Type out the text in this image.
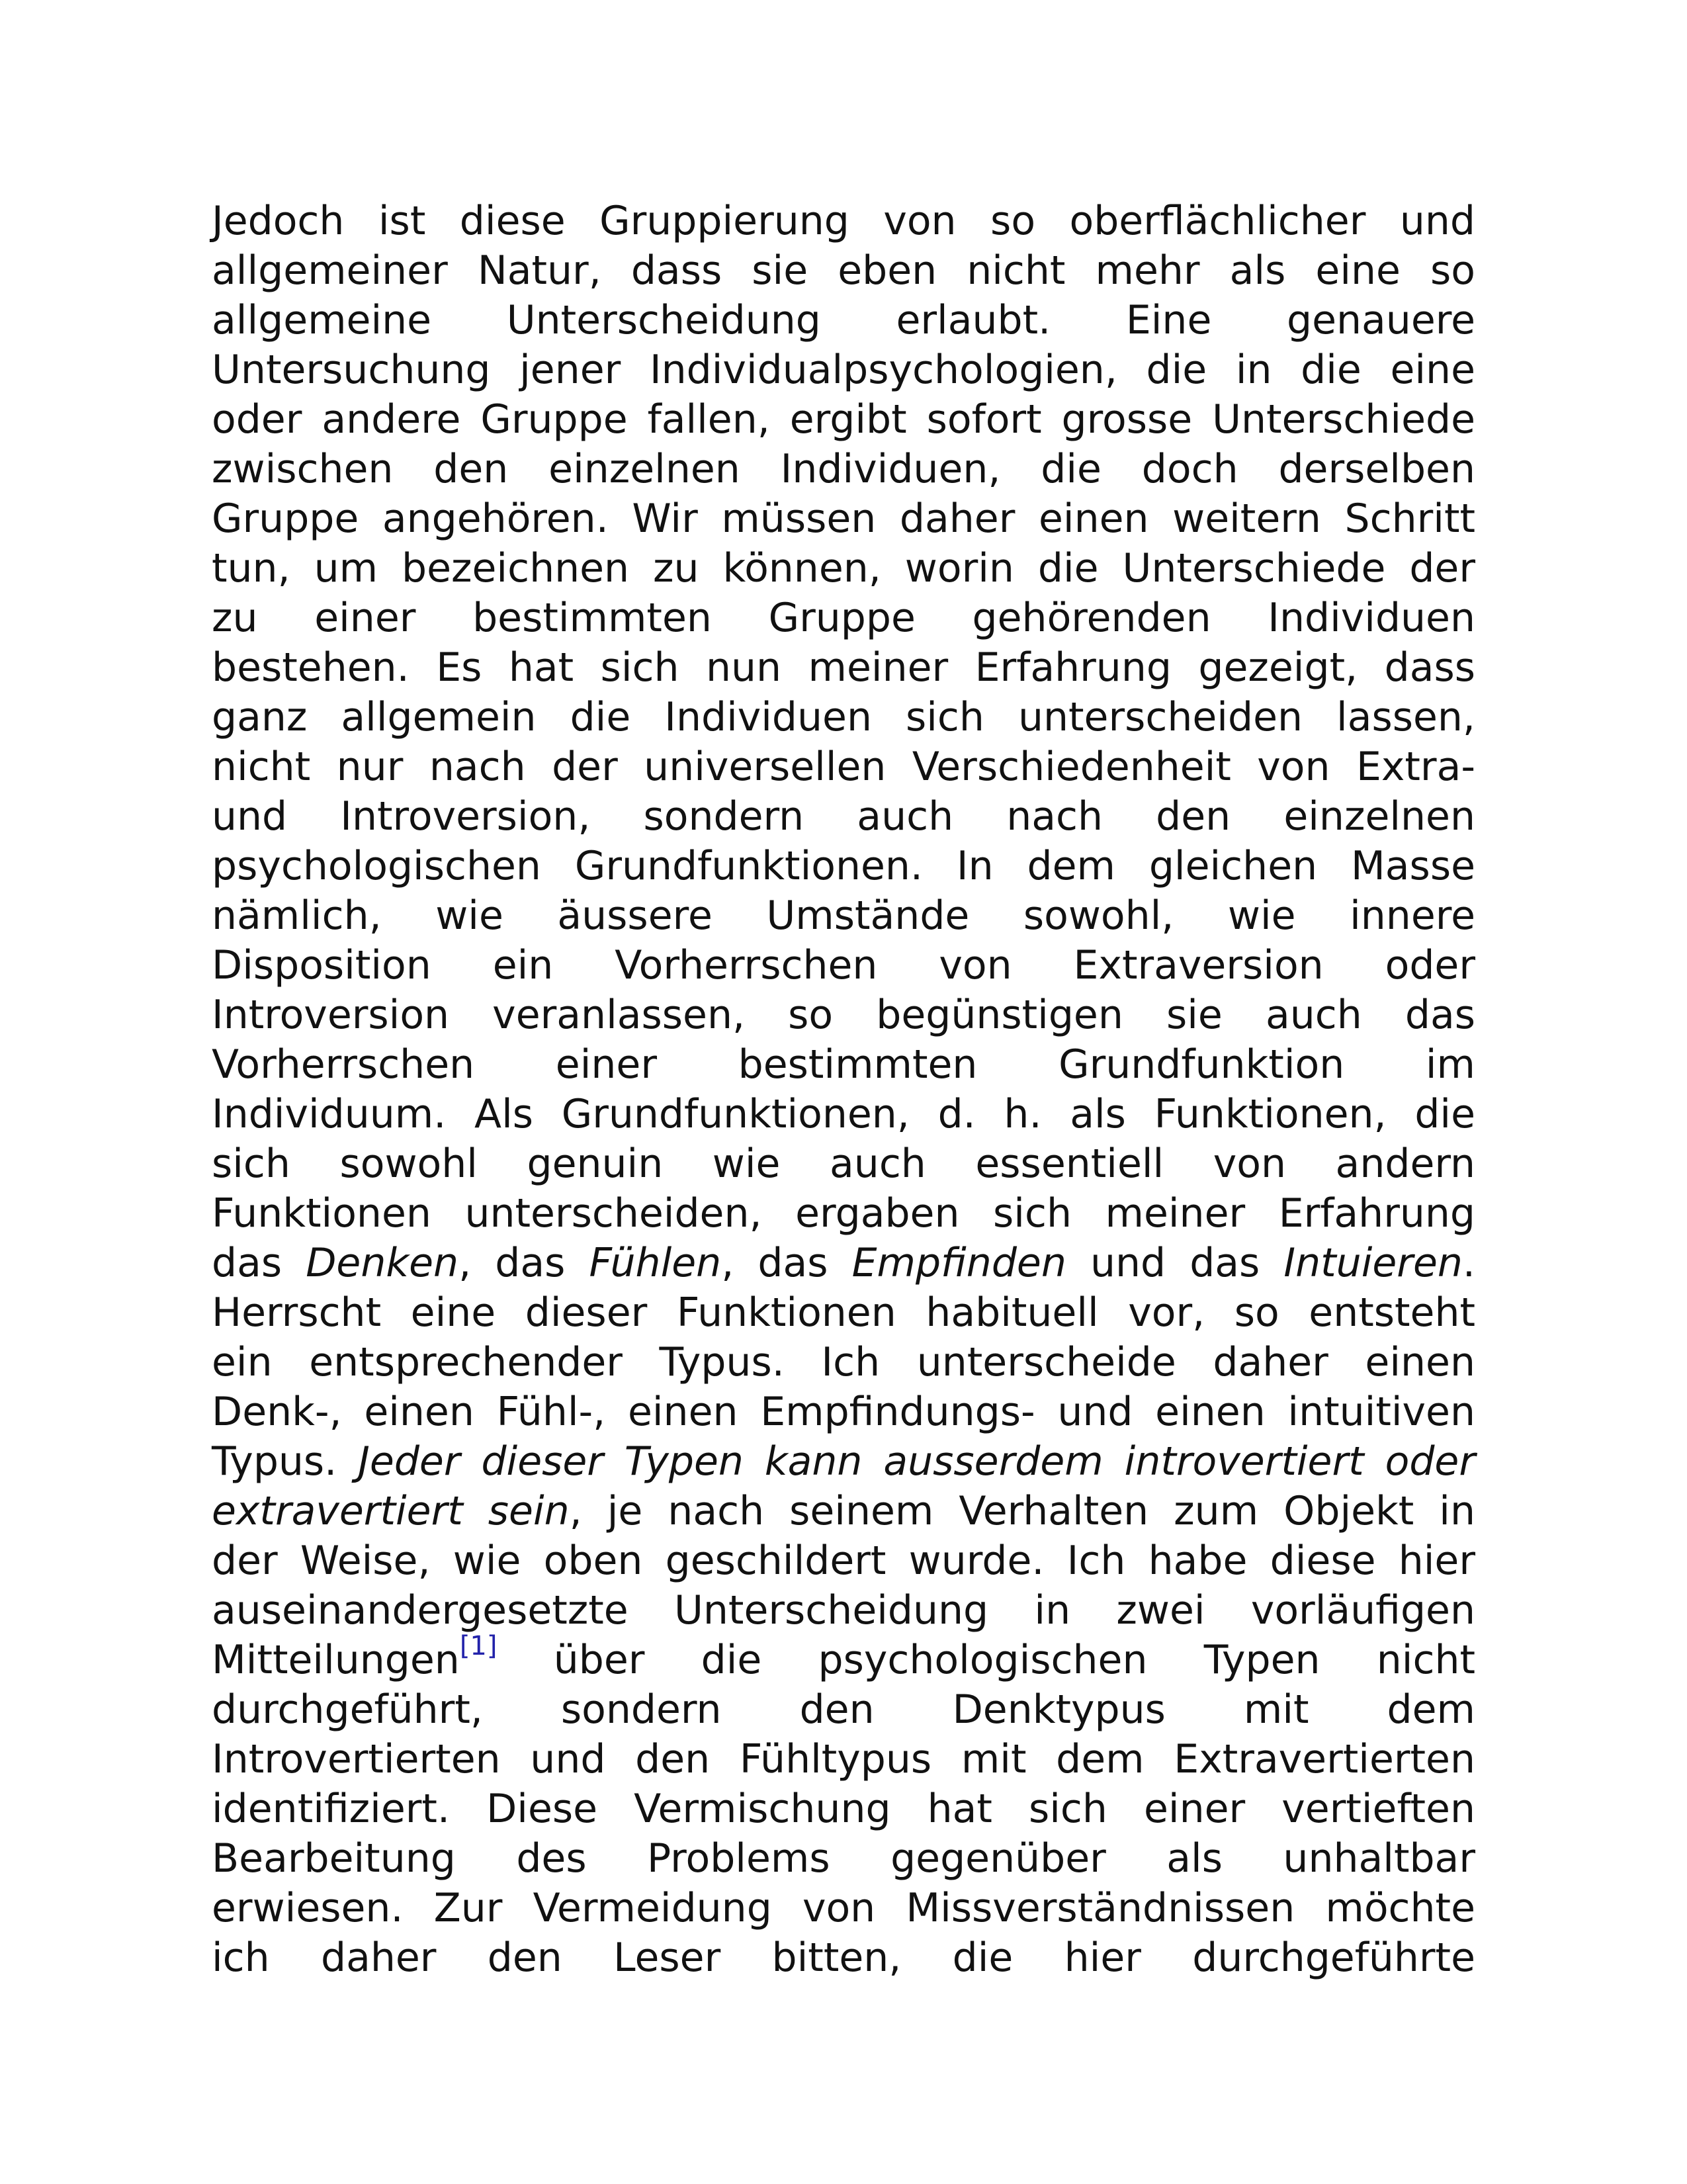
Jedoch ist diese Gruppierung von so oberflächlicher und
allgemeiner Natur, dass sie eben nicht mehr als eine so
allgemeine Unterscheidung erlaubt. Eine genauere
Untersuchung jener Individualpsychologien, die in die eine
oder andere Gruppe fallen, ergibt sofort grosse Unterschiede
zwischen den einzelnen Individuen, die doch derselben
Gruppe angehören. Wir müssen daher einen weitern Schritt
tun, um bezeichnen zu können, worin die Unterschiede der
zu einer bestimmten Gruppe gehörenden Individuen
bestehen. Es hat sich nun meiner Erfahrung gezeigt, dass
ganz allgemein die Individuen sich unterscheiden lassen,
nicht nur nach der universellen Verschiedenheit von Extra-
und Introversion, sondern auch nach den einzelnen
psychologischen Grundfunktionen. In dem gleichen Masse
nämlich, wie äussere Umstände sowohl, wie innere
Disposition ein Vorherrschen von Extraversion oder
Introversion veranlassen, so begünstigen sie auch das
Vorherrschen einer bestimmten Grundfunktion im
Individuum. Als Grundfunktionen, d. h. als Funktionen, die
sich sowohl genuin wie auch essentiell von andern
Funktionen unterscheiden, ergaben sich meiner Erfahrung
das Denken, das Fühlen, das Empfinden und das Intuieren.
Herrscht eine dieser Funktionen habituell vor, so entsteht
ein entsprechender Typus. Ich unterscheide daher einen
Denk-, einen Fühl-, einen Empfindungs- und einen intuitiven
Typus. Jeder dieser Typen kann ausserdem introvertiert oder
extravertiert sein, je nach seinem Verhalten zum Objekt in
der Weise, wie oben geschildert wurde. Ich habe diese hier
auseinandergesetzte Unterscheidung in zwei vorläufigen
Mitteilungen[1] über die psychologischen Typen nicht
durchgeführt, sondern den Denktypus mit dem
Introvertierten und den Fühltypus mit dem Extravertierten
identifiziert. Diese Vermischung hat sich einer vertieften
Bearbeitung des Problems gegenüber als unhaltbar
erwiesen. Zur Vermeidung von Missverständnissen möchte
ich daher den Leser bitten, die hier durchgeführte
